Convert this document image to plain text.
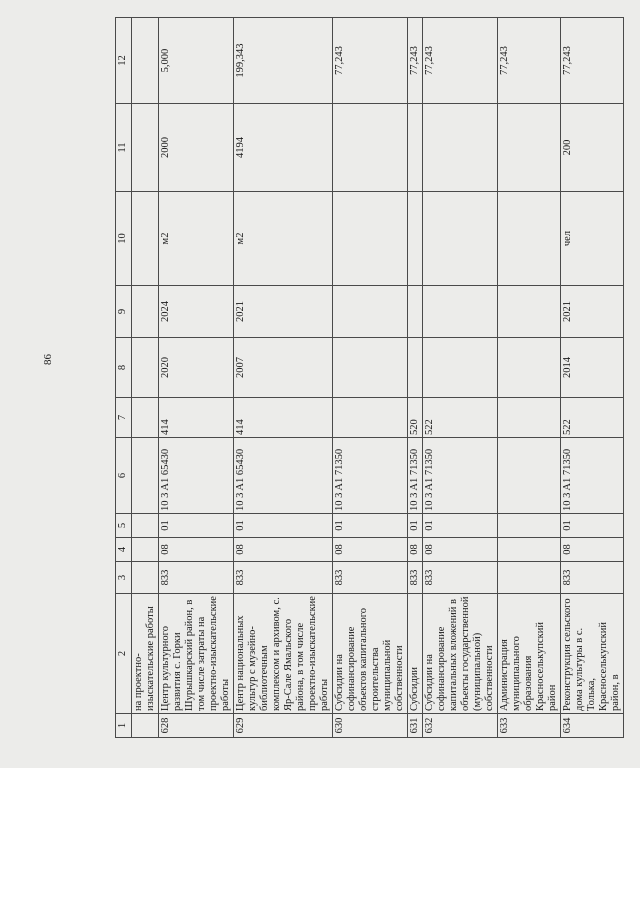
86
1	2	3	4	5	6	7	8	9	10	11	12
	на проектно-изыскательские работы										
628	Центр культурного развития с. Горки Шурышкарский район, в том числе затраты на проектно-изыскательские работы	833	08	01	10 3 A1 65430	414	2020	2024	м2	2000	5,000
629	Центр национальных культур с музейно-библиотечным комплексом и архивом, с. Яр-Сале Ямальского района, в том числе проектно-изыскательские работы	833	08	01	10 3 A1 65430	414	2007	2021	м2	4194	199,343
630	Субсидии на софинансирование объектов капитального строительства муниципальной собственности	833	08	01	10 3 A1 71350						77,243
631	Субсидии	833	08	01	10 3 A1 71350	520					77,243
632	Субсидии на софинансирование капитальных вложений в объекты государственной (муниципальной) собственности	833	08	01	10 3 A1 71350	522					77,243
633	Администрация муниципального образования Красноселькупский район										77,243
634	Реконструкция сельского дома культуры в с. Толька, Красноселькупский район, в	833	08	01	10 3 A1 71350	522	2014	2021	чел	200	77,243
